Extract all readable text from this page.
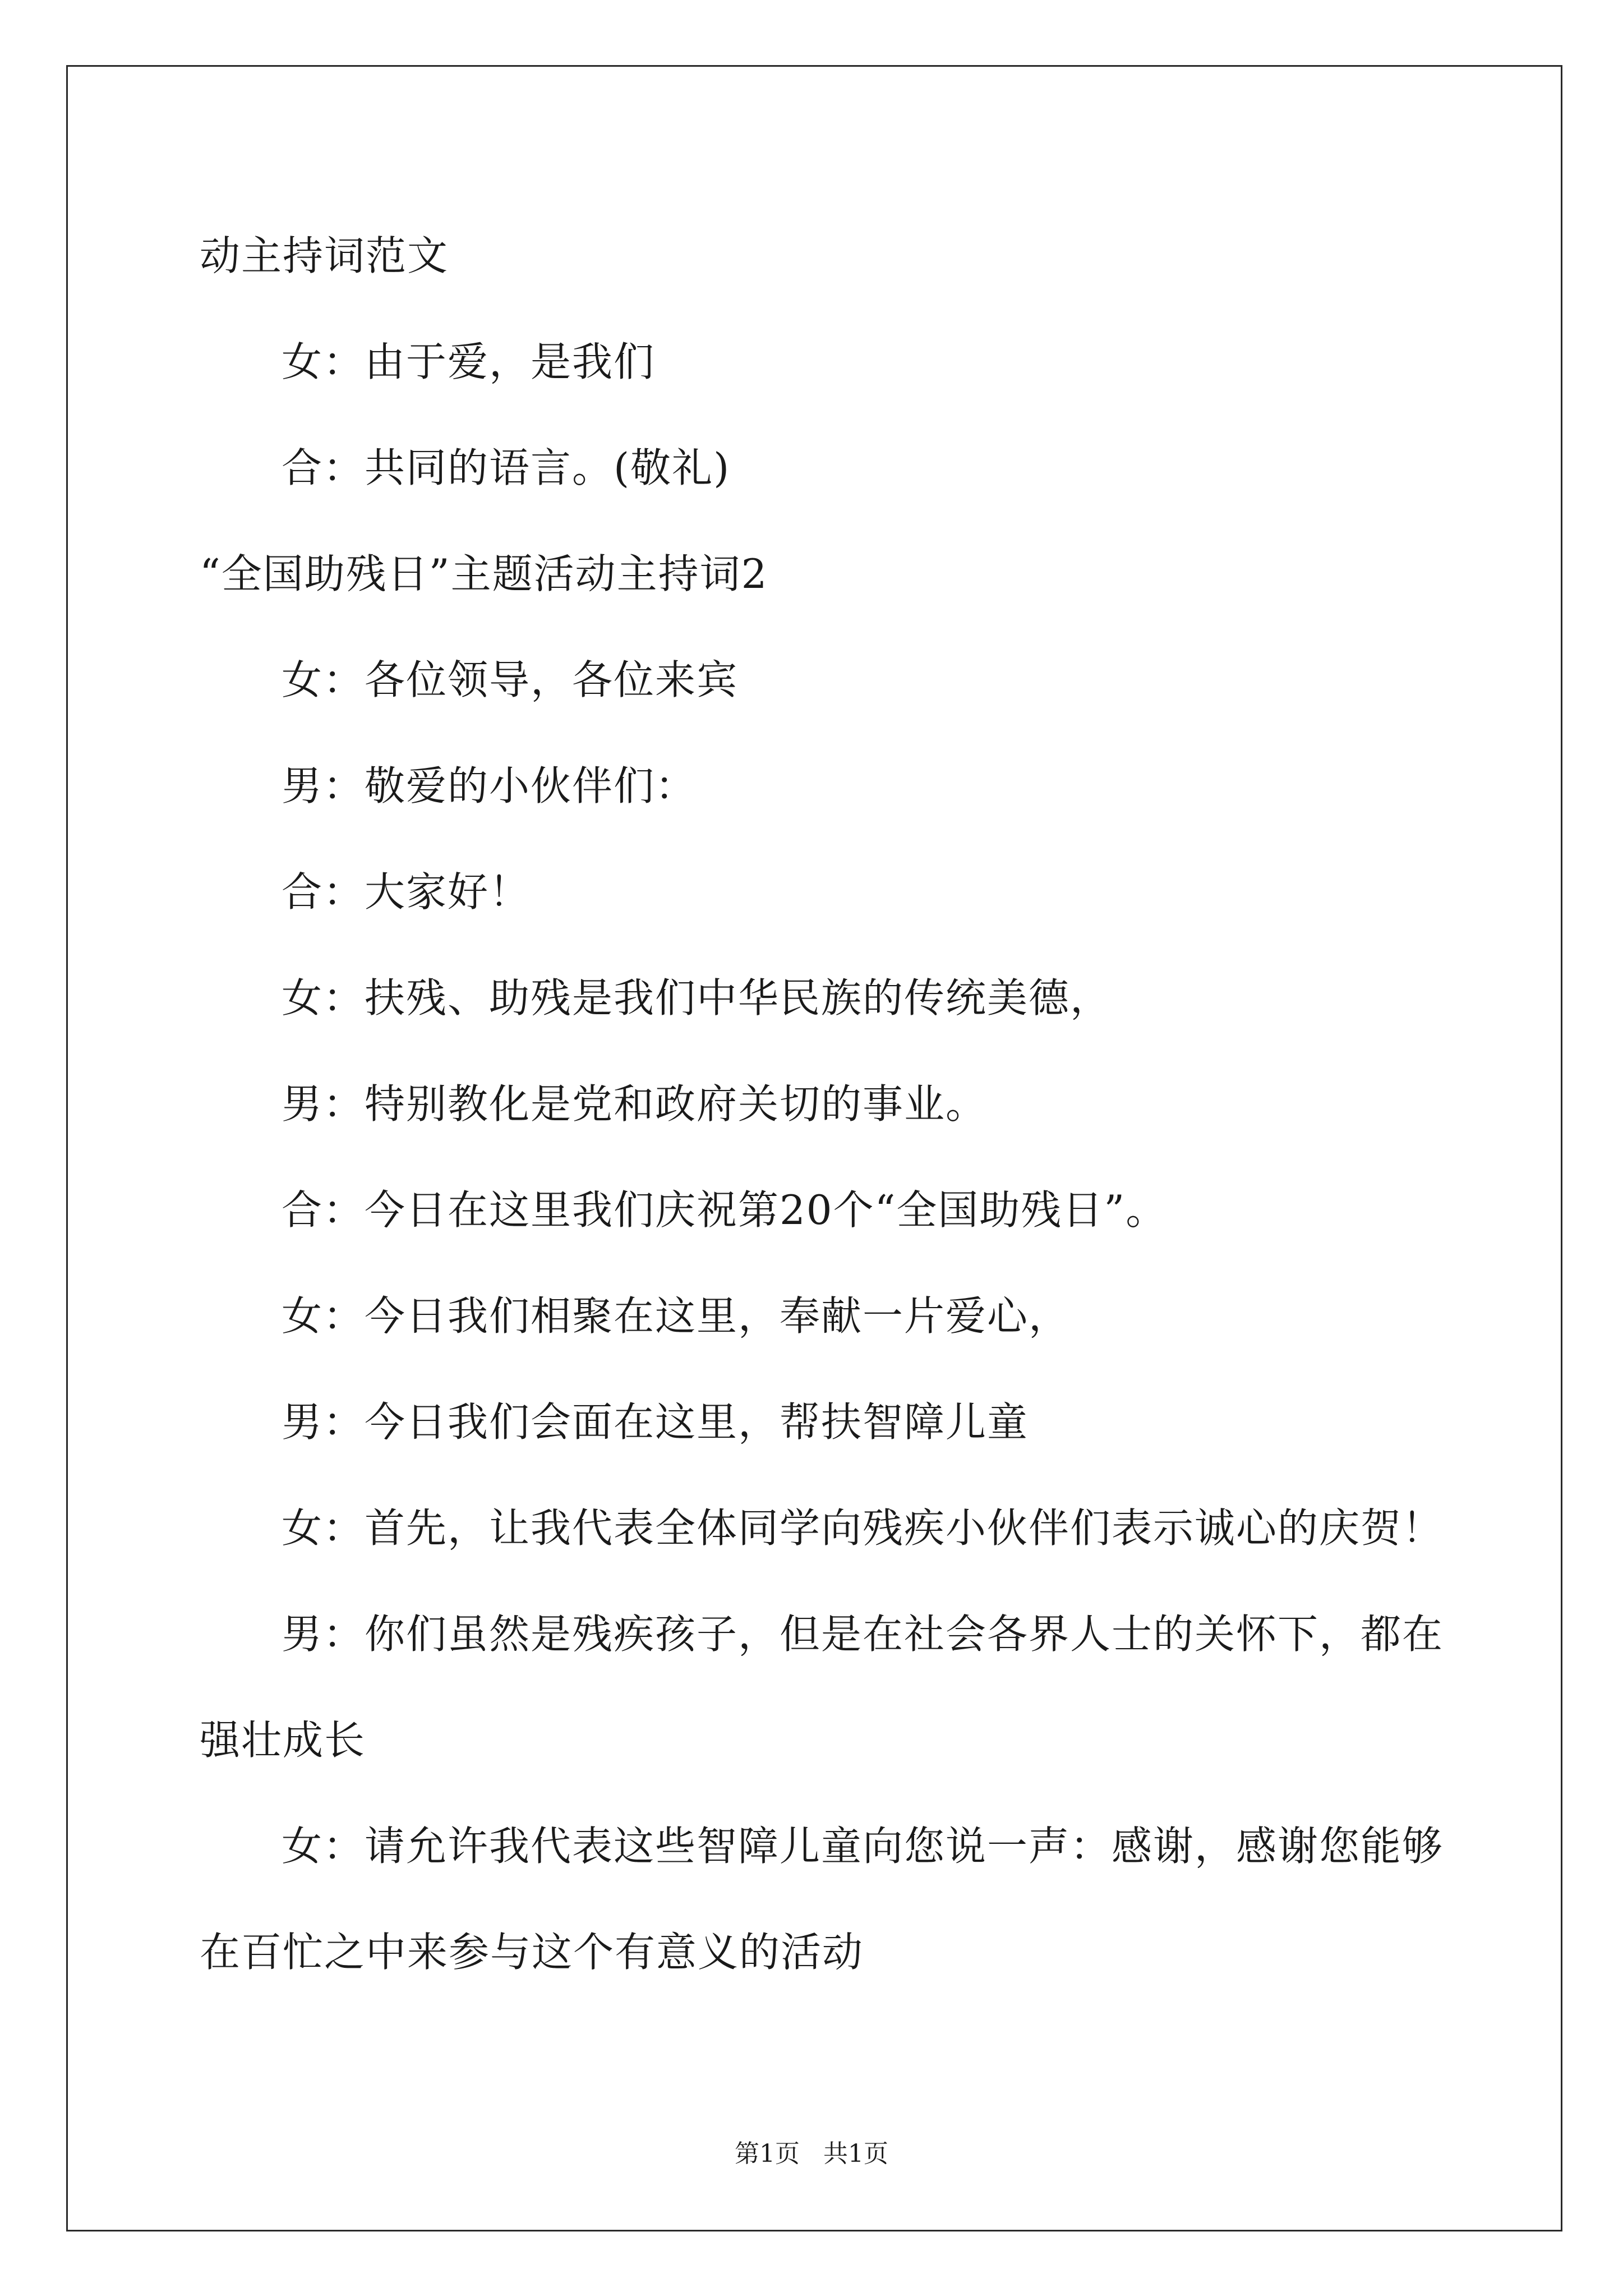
动主持词范文
女：由于爱，是我们
合：共同的语言。(敬礼)
“全国助残日”主题活动主持词2
女：各位领导，各位来宾
男：敬爱的小伙伴们：
合：大家好！
女：扶残、助残是我们中华民族的传统美德，
男：特别教化是党和政府关切的事业。
合：今日在这里我们庆祝第20个“全国助残日”。
女：今日我们相聚在这里，奉献一片爱心，
男：今日我们会面在这里，帮扶智障儿童
女：首先，让我代表全体同学向残疾小伙伴们表示诚心的庆贺！
男：你们虽然是残疾孩子，但是在社会各界人士的关怀下，都在
强壮成长
女：请允许我代表这些智障儿童向您说一声：感谢，感谢您能够
在百忙之中来参与这个有意义的活动
第1页   共1页
